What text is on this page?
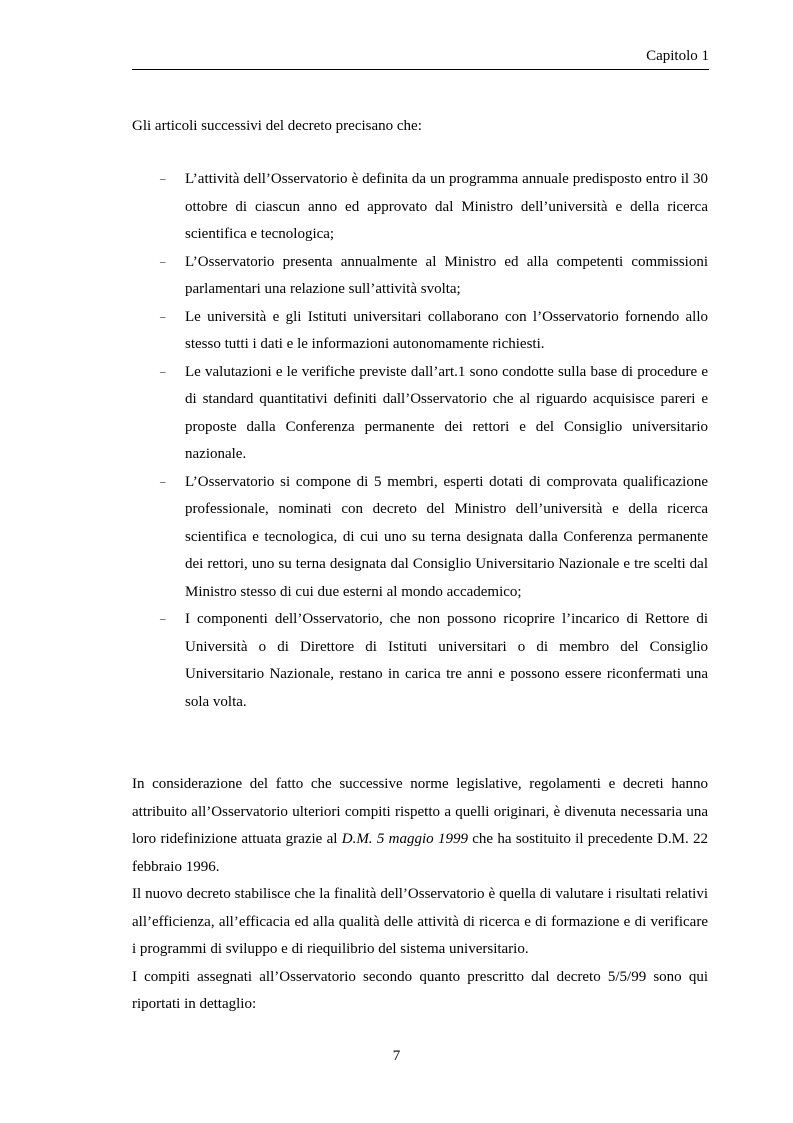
Capitolo 1
Gli articoli successivi del decreto precisano che:
– L’attività dell’Osservatorio è definita da un programma annuale predisposto entro il 30 ottobre di ciascun anno ed approvato dal Ministro dell’università e della ricerca scientifica e tecnologica;
– L’Osservatorio presenta annualmente al Ministro ed alla competenti commissioni parlamentari una relazione sull’attività svolta;
– Le università e gli Istituti universitari collaborano con l’Osservatorio fornendo allo stesso tutti i dati e le informazioni autonomamente richiesti.
– Le valutazioni e le verifiche previste dall’art.1 sono condotte sulla base di procedure e di standard quantitativi definiti dall’Osservatorio che al riguardo acquisisce pareri e proposte dalla Conferenza permanente dei rettori e del Consiglio universitario nazionale.
– L’Osservatorio si compone di 5 membri, esperti dotati di comprovata qualificazione professionale, nominati con decreto del Ministro dell’università e della ricerca scientifica e tecnologica, di cui uno su terna designata dalla Conferenza permanente dei rettori, uno su terna designata dal Consiglio Universitario Nazionale e tre scelti dal Ministro stesso di cui due esterni al mondo accademico;
– I componenti dell’Osservatorio, che non possono ricoprire l’incarico di Rettore di Università o di Direttore di Istituti universitari o di membro del Consiglio Universitario Nazionale, restano in carica tre anni e possono essere riconfermati una sola volta.

In considerazione del fatto che successive norme legislative, regolamenti e decreti hanno attribuito all’Osservatorio ulteriori compiti rispetto a quelli originari, è divenuta necessaria una loro ridefinizione attuata grazie al D.M. 5 maggio 1999 che ha sostituito il precedente D.M. 22 febbraio 1996.

Il nuovo decreto stabilisce che la finalità dell’Osservatorio è quella di valutare i risultati relativi all’efficienza, all’efficacia ed alla qualità delle attività di ricerca e di formazione e di verificare i programmi di sviluppo e di riequilibrio del sistema universitario.

I compiti assegnati all’Osservatorio secondo quanto prescritto dal decreto 5/5/99 sono qui riportati in dettaglio:

7
